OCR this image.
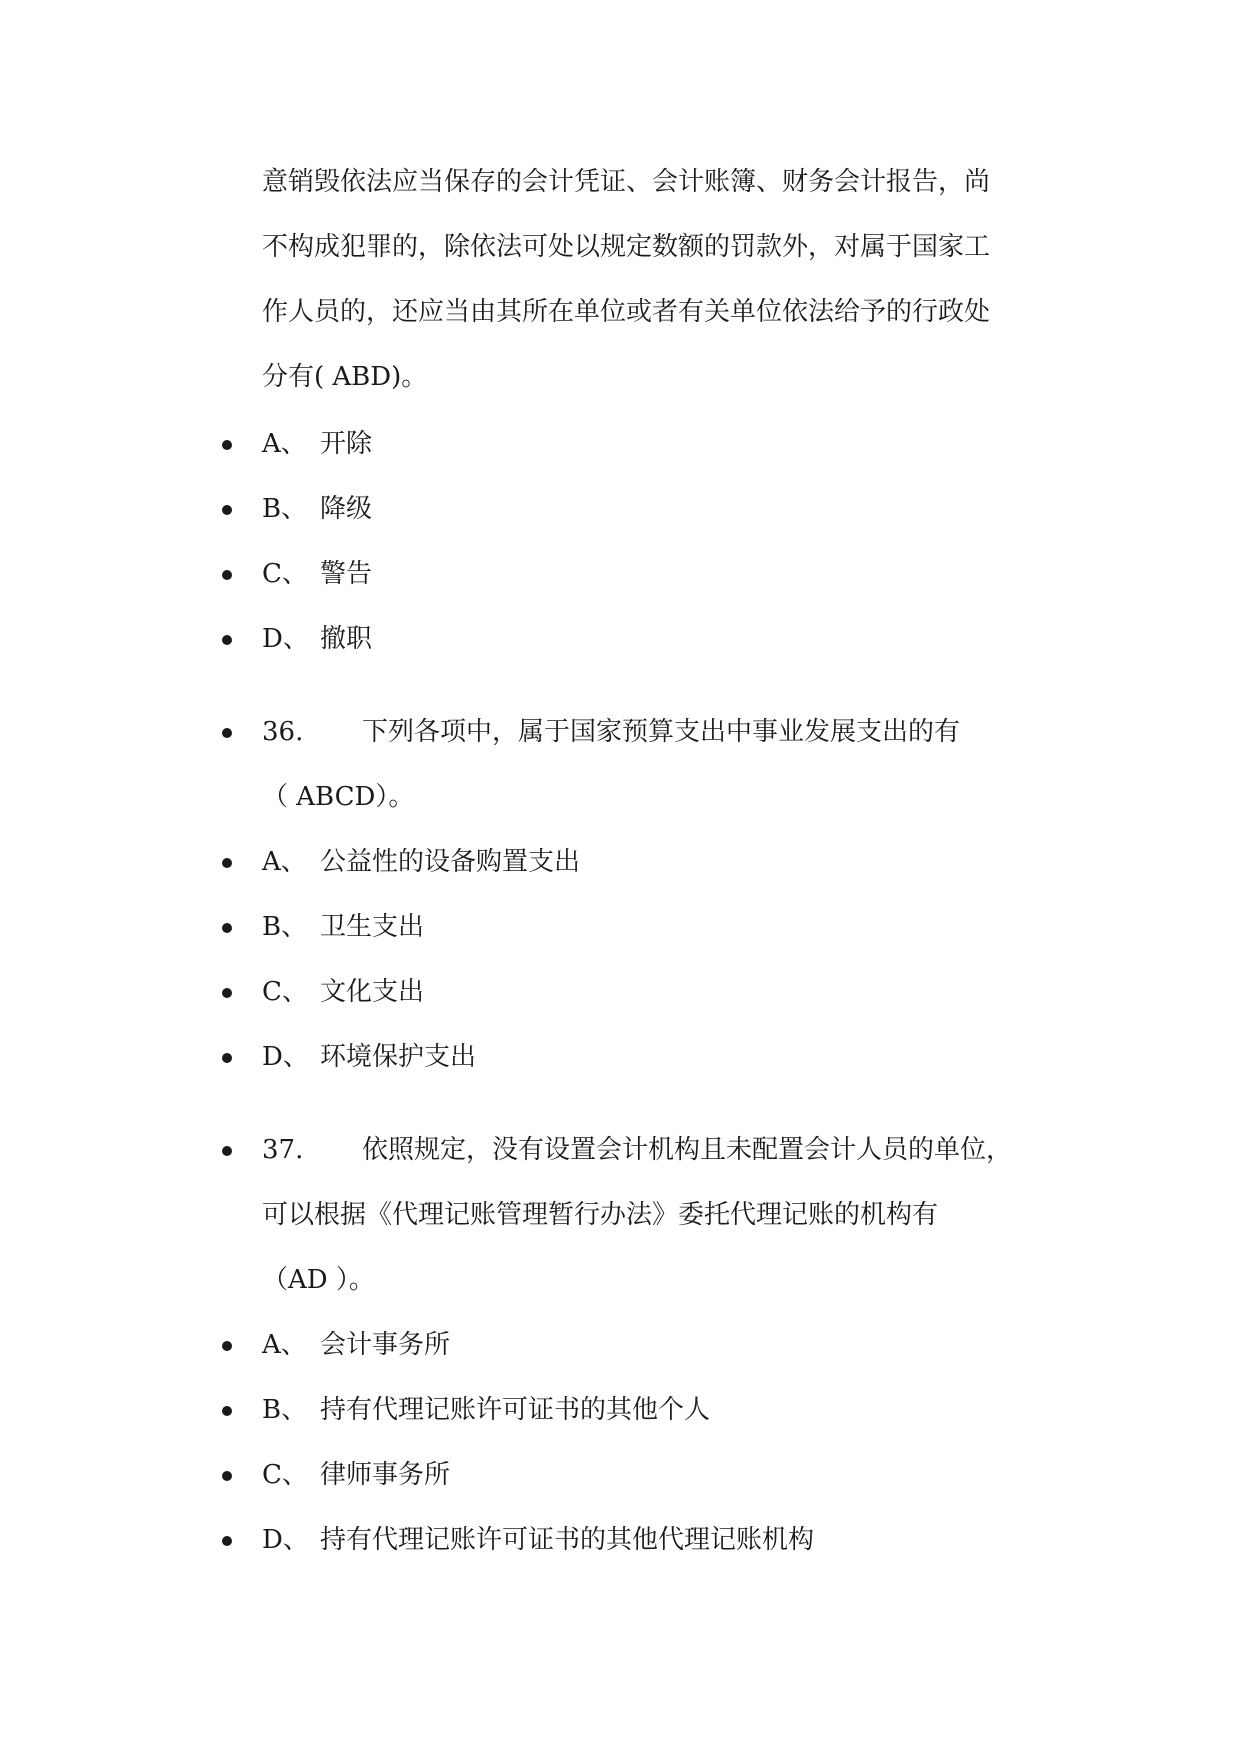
意销毁依法应当保存的会计凭证、会计账簿、财务会计报告，尚
不构成犯罪的，除依法可处以规定数额的罚款外，对属于国家工
作人员的，还应当由其所在单位或者有关单位依法给予的行政处
分有( ABD)。
A、 开除
B、 降级
C、 警告
D、 撤职
36. 下列各项中，属于国家预算支出中事业发展支出的有
（ ABCD）。
A、 公益性的设备购置支出
B、 卫生支出
C、 文化支出
D、 环境保护支出
37. 依照规定，没有设置会计机构且未配置会计人员的单位，
可以根据《代理记账管理暂行办法》委托代理记账的机构有
（AD ）。
A、 会计事务所
B、 持有代理记账许可证书的其他个人
C、 律师事务所
D、 持有代理记账许可证书的其他代理记账机构
